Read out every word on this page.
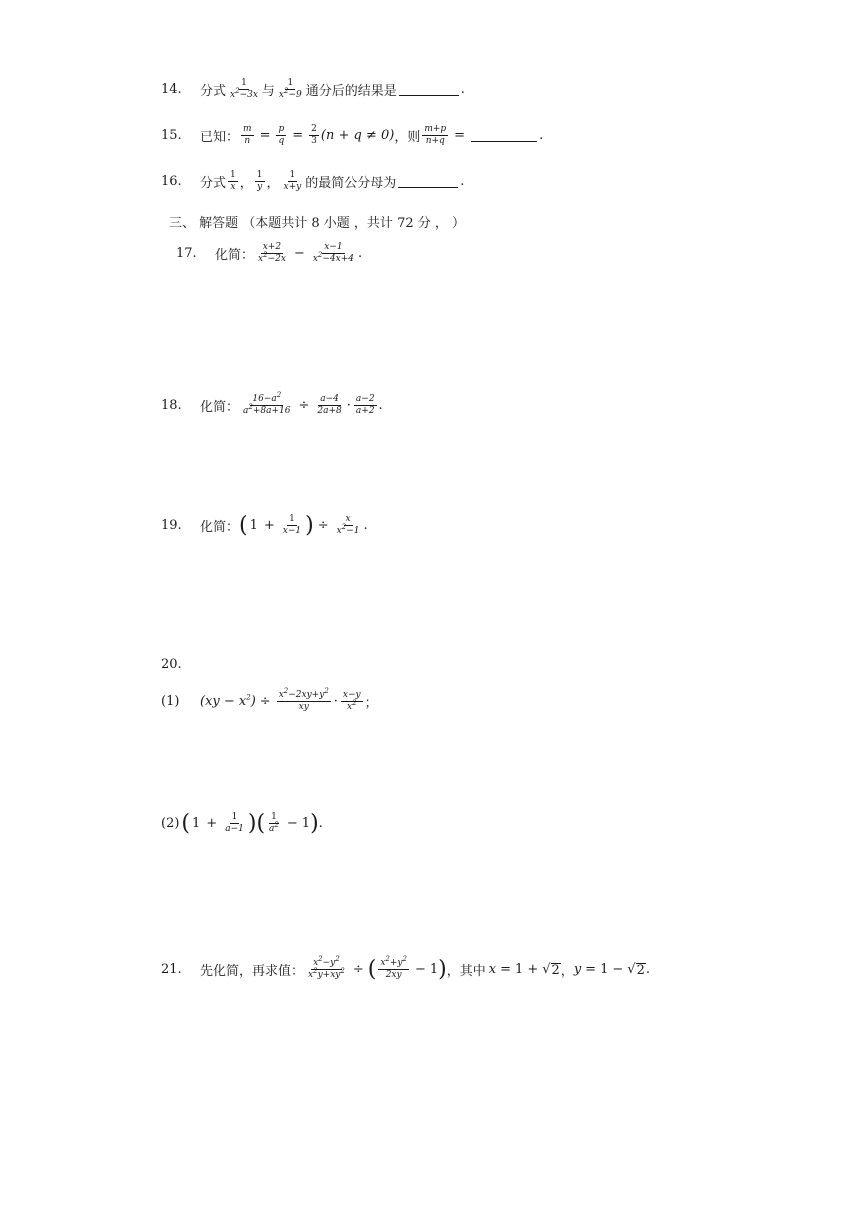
14.	分式 $\frac{1}{x^2-3x}$ 与 $\frac{1}{x^2-9}$ 通分后的结果是	.
15.	已知： $\frac{m}{n} = \frac{p}{q} = \frac{2}{3} (n + q \ne 0)$ ，则 $\frac{m+p}{n+q}$ =	.
16.	分式 $\frac{1}{x}$ ， $\frac{1}{y}$ ， $\frac{1}{x+y}$ 的最简公分母为	.
三、 解答题 （本题共计 8 小题 ，共计 72 分 ， ）
17.	化简： $\frac{x+2}{x^2-2x} - \frac{x-1}{x^2-4x+4}$ .
18.	化简： $\frac{16-a^2}{a^2+8a+16} \div \frac{a-4}{2a+8} \cdot \frac{a-2}{a+2}$ .
19.	化简： ( $1 + \frac{1}{x-1}$ ) ÷ $\frac{x}{x^2-1}$ .
20.
(1)	$(xy - x^2) \div \frac{x^2-2xy+y^2}{xy} \cdot \frac{x-y}{x^2}$ ；
(2) ( $1 + \frac{1}{a-1}$ ) ( $\frac{1}{a^2} - 1$ ) .
21.	先化简，再求值： $\frac{x^2-y^2}{x^2y+xy^2}$ ÷ ( $\frac{x^2+y^2}{2xy} - 1$ ) ，其中 x = 1 + √ 2 ， y = 1 − √ 2 .
